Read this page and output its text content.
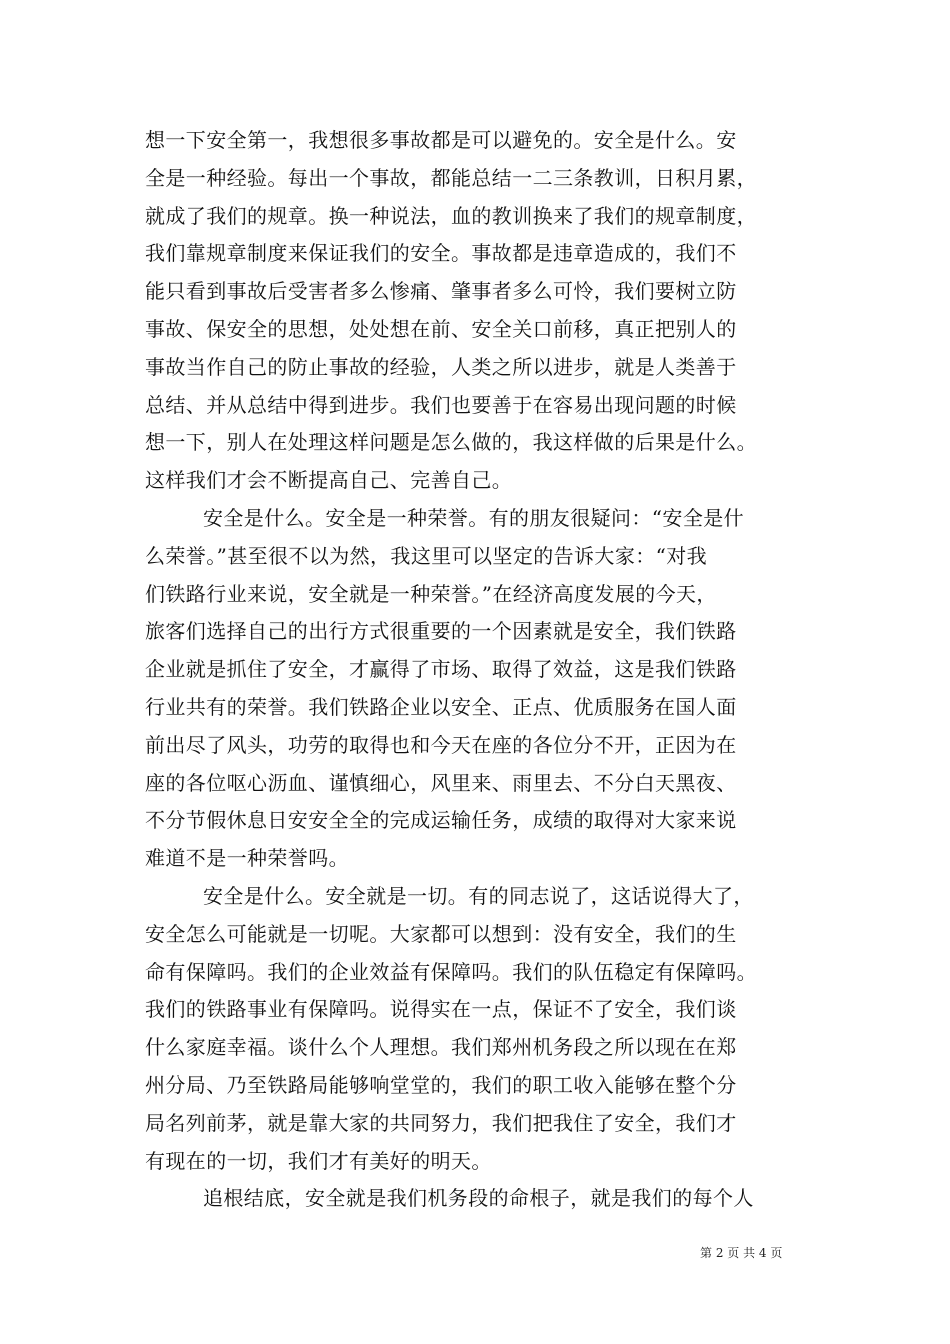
想一下安全第一，我想很多事故都是可以避免的。安全是什么。安
全是一种经验。每出一个事故，都能总结一二三条教训，日积月累，
就成了我们的规章。换一种说法，血的教训换来了我们的规章制度，
我们靠规章制度来保证我们的安全。事故都是违章造成的，我们不
能只看到事故后受害者多么惨痛、肇事者多么可怜，我们要树立防
事故、保安全的思想，处处想在前、安全关口前移，真正把别人的
事故当作自己的防止事故的经验，人类之所以进步，就是人类善于
总结、并从总结中得到进步。我们也要善于在容易出现问题的时候
想一下，别人在处理这样问题是怎么做的，我这样做的后果是什么。
这样我们才会不断提高自己、完善自己。
安全是什么。安全是一种荣誉。有的朋友很疑问：“安全是什
么荣誉。”甚至很不以为然，我这里可以坚定的告诉大家：“对我
们铁路行业来说，安全就是一种荣誉。”在经济高度发展的今天，
旅客们选择自己的出行方式很重要的一个因素就是安全，我们铁路
企业就是抓住了安全，才赢得了市场、取得了效益，这是我们铁路
行业共有的荣誉。我们铁路企业以安全、正点、优质服务在国人面
前出尽了风头，功劳的取得也和今天在座的各位分不开，正因为在
座的各位呕心沥血、谨慎细心，风里来、雨里去、不分白天黑夜、
不分节假休息日安安全全的完成运输任务，成绩的取得对大家来说
难道不是一种荣誉吗。
安全是什么。安全就是一切。有的同志说了，这话说得大了，
安全怎么可能就是一切呢。大家都可以想到：没有安全，我们的生
命有保障吗。我们的企业效益有保障吗。我们的队伍稳定有保障吗。
我们的铁路事业有保障吗。说得实在一点，保证不了安全，我们谈
什么家庭幸福。谈什么个人理想。我们郑州机务段之所以现在在郑
州分局、乃至铁路局能够响堂堂的，我们的职工收入能够在整个分
局名列前茅，就是靠大家的共同努力，我们把我住了安全，我们才
有现在的一切，我们才有美好的明天。
追根结底，安全就是我们机务段的命根子，就是我们的每个人
第 2 页 共 4 页
